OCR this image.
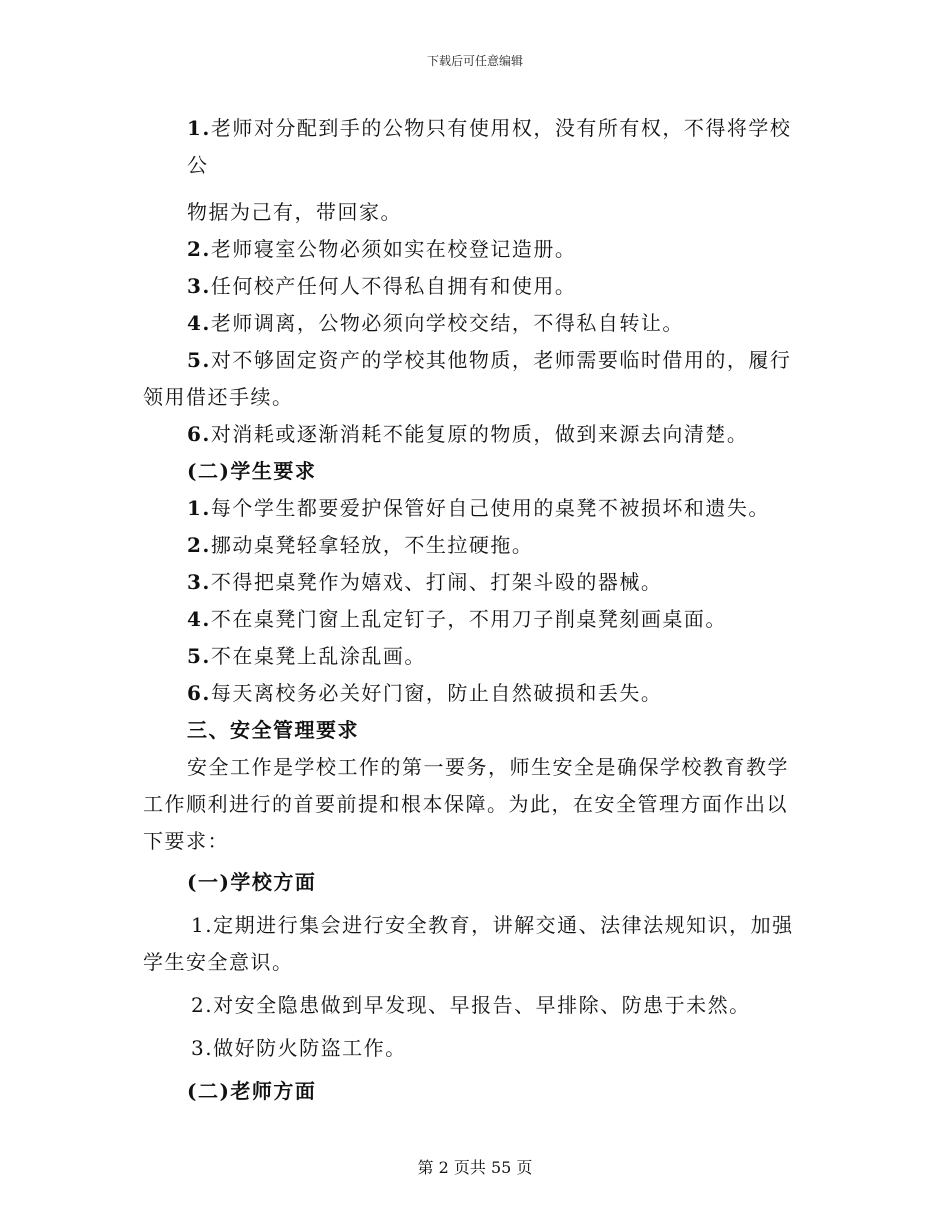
下载后可任意编辑

1.老师对分配到手的公物只有使用权，没有所有权，不得将学校公

物据为己有，带回家。

2.老师寝室公物必须如实在校登记造册。

3.任何校产任何人不得私自拥有和使用。

4.老师调离，公物必须向学校交结，不得私自转让。

5.对不够固定资产的学校其他物质，老师需要临时借用的，履行领用借还手续。

6.对消耗或逐渐消耗不能复原的物质，做到来源去向清楚。

(二)学生要求

1.每个学生都要爱护保管好自己使用的桌凳不被损坏和遗失。

2.挪动桌凳轻拿轻放，不生拉硬拖。

3.不得把桌凳作为嬉戏、打闹、打架斗殴的器械。

4.不在桌凳门窗上乱定钉子，不用刀子削桌凳刻画桌面。

5.不在桌凳上乱涂乱画。

6.每天离校务必关好门窗，防止自然破损和丢失。

三、安全管理要求

安全工作是学校工作的第一要务，师生安全是确保学校教育教学工作顺利进行的首要前提和根本保障。为此，在安全管理方面作出以下要求：

(一)学校方面

1.定期进行集会进行安全教育，讲解交通、法律法规知识，加强学生安全意识。

2.对安全隐患做到早发现、早报告、早排除、防患于未然。

3.做好防火防盗工作。

(二)老师方面

第 2 页共 55 页
